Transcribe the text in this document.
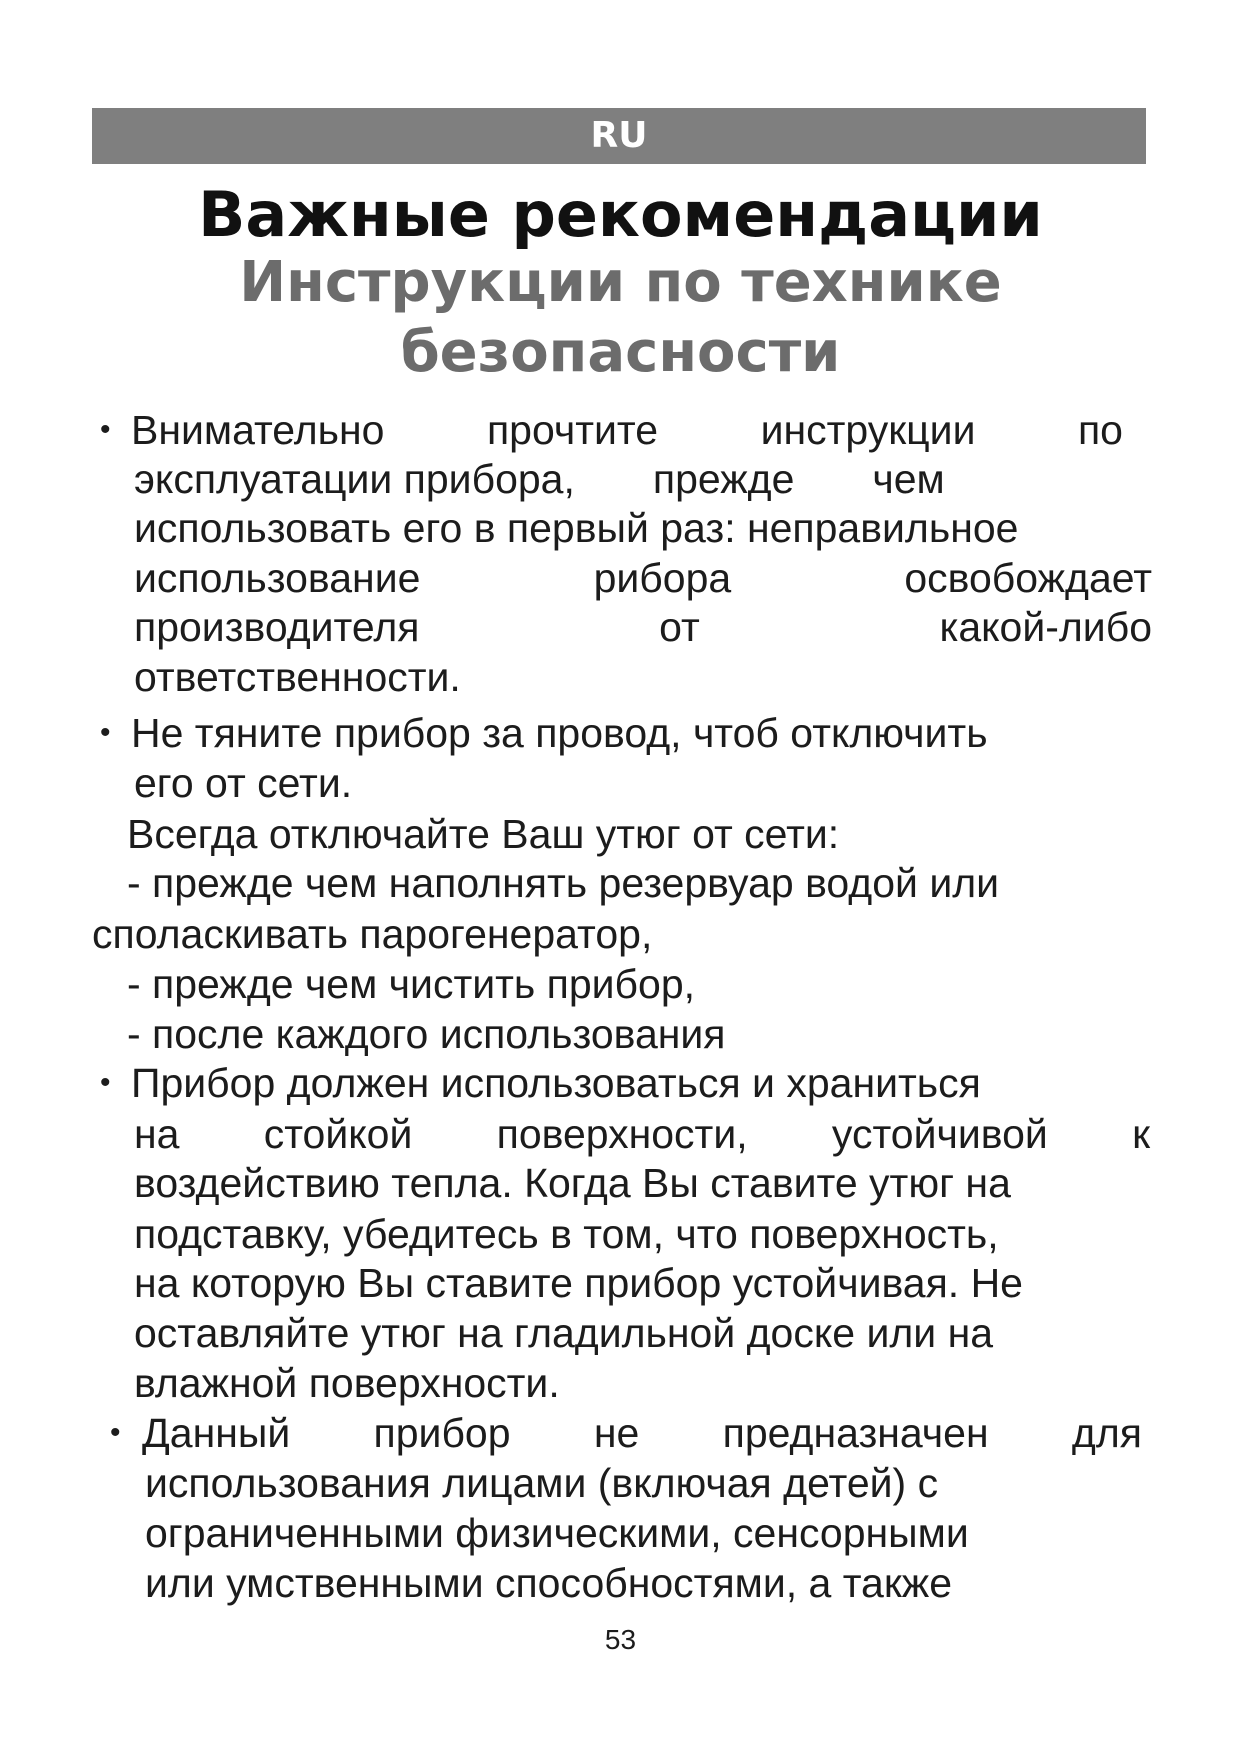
RU
Важные рекомендации
Инструкции по технике безопасности
• Внимательно	прочтите	инструкции	по
эксплуатации прибора, прежде чем
использовать его в первый раз: неправильное
использование	рибора	освобождает
производителя	от	какой-либо
ответственности.
• Не тяните прибор за провод, чтоб отключить
его от сети.
Всегда отключайте Ваш утюг от сети:
- прежде чем наполнять резервуар водой или
споласкивать парогенератор,
- прежде чем чистить прибор,
- после каждого использования
• Прибор должен использоваться и храниться
на стойкой поверхности, устойчивой к
воздействию тепла. Когда Вы ставите утюг на
подставку, убедитесь в том, что поверхность,
на которую Вы ставите прибор устойчивая. Не
оставляйте утюг на гладильной доске или на
влажной поверхности.
• Данный прибор не предназначен для
использования лицами (включая детей) с
ограниченными физическими, сенсорными
или умственными способностями, а также
53
